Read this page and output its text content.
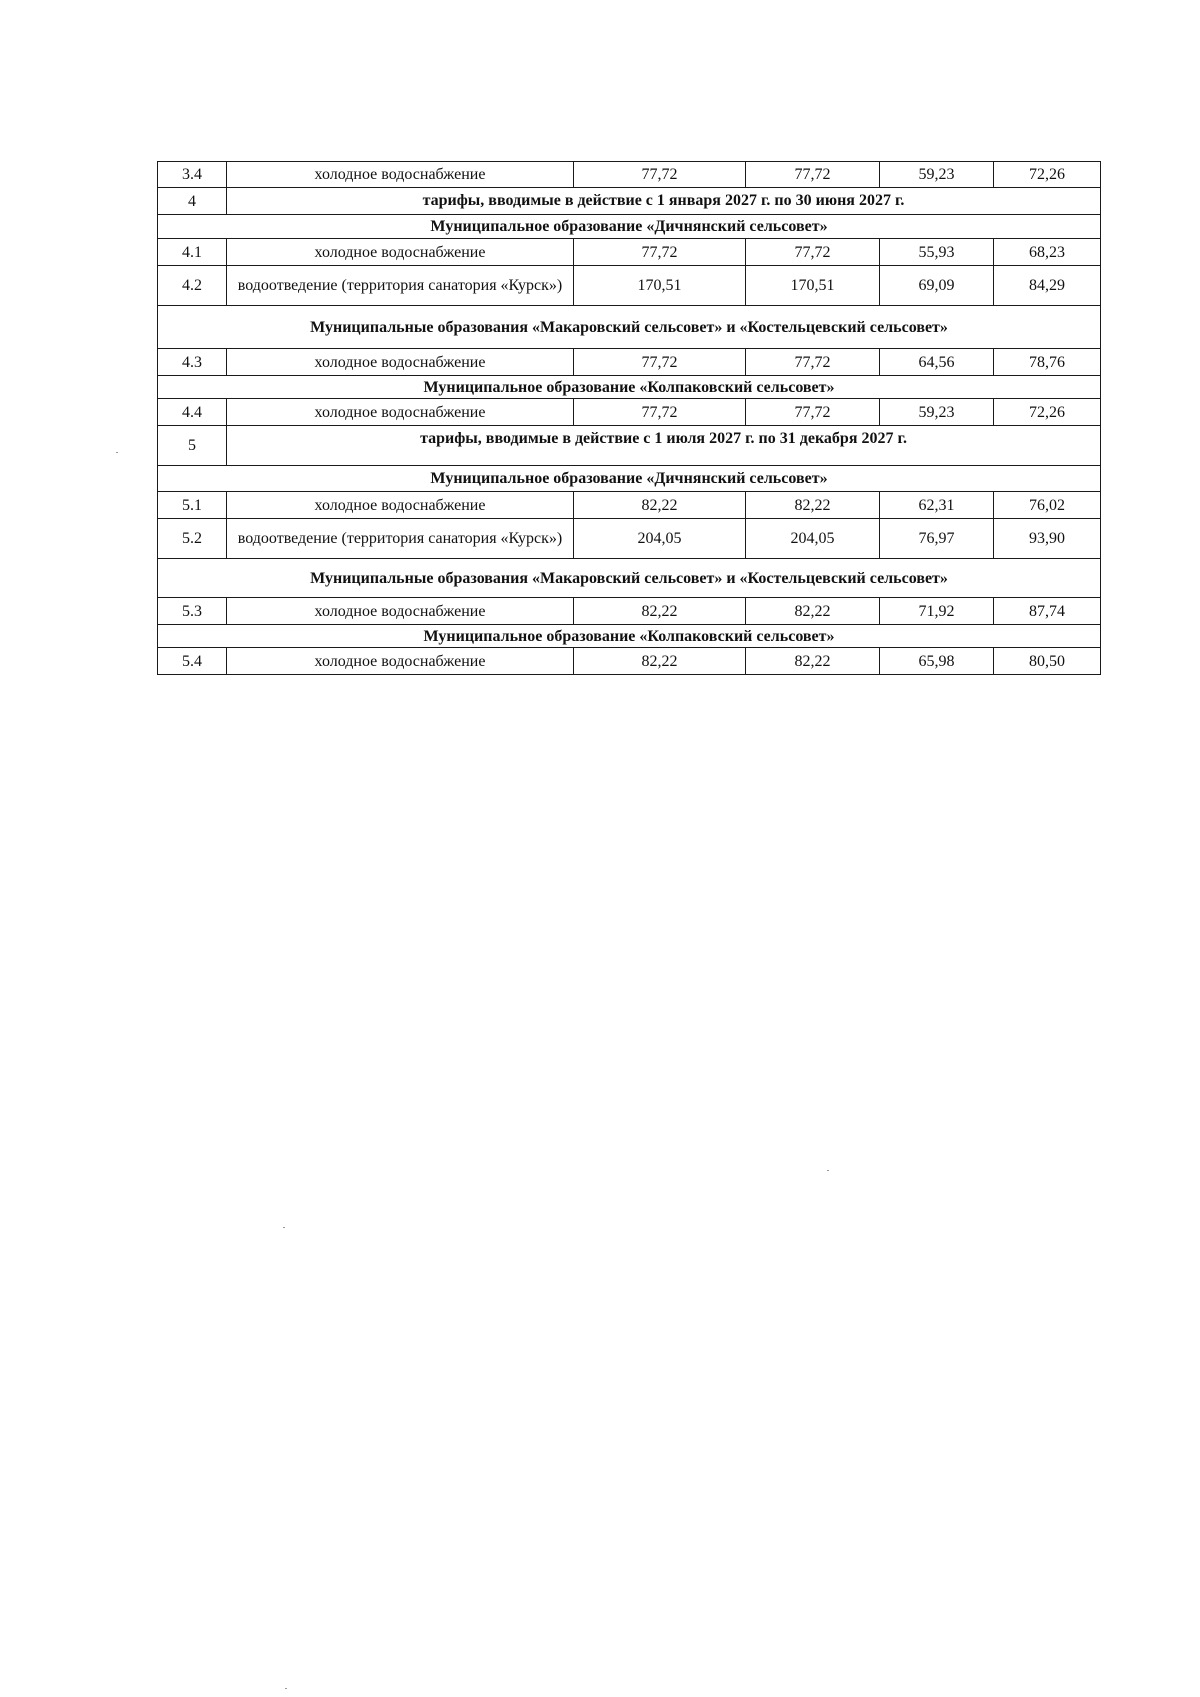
3.4	холодное водоснабжение	77,72	77,72	59,23	72,26
4	тарифы, вводимые в действие с 1 января 2027 г. по 30 июня 2027 г.				
Муниципальное образование «Дичнянский сельсовет»					
4.1	холодное водоснабжение	77,72	77,72	55,93	68,23
4.2	водоотведение (территория санатория «Курск»)	170,51	170,51	69,09	84,29
Муниципальные образования «Макаровский сельсовет» и «Костельцевский сельсовет»					
4.3	холодное водоснабжение	77,72	77,72	64,56	78,76
Муниципальное образование «Колпаковский сельсовет»					
4.4	холодное водоснабжение	77,72	77,72	59,23	72,26
5	тарифы, вводимые в действие с 1 июля 2027 г. по 31 декабря 2027 г.				
Муниципальное образование «Дичнянский сельсовет»					
5.1	холодное водоснабжение	82,22	82,22	62,31	76,02
5.2	водоотведение (территория санатория «Курск»)	204,05	204,05	76,97	93,90
Муниципальные образования «Макаровский сельсовет» и «Костельцевский сельсовет»					
5.3	холодное водоснабжение	82,22	82,22	71,92	87,74
Муниципальное образование «Колпаковский сельсовет»					
5.4	холодное водоснабжение	82,22	82,22	65,98	80,50
